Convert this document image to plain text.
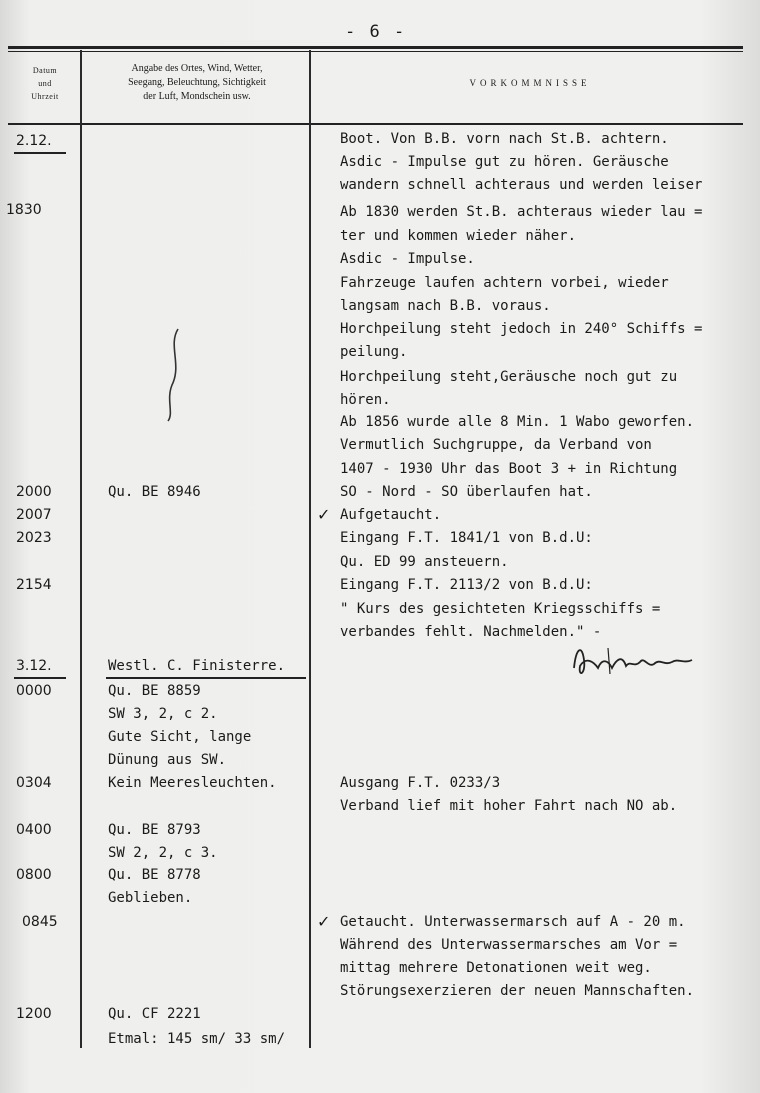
- 6 -
Datum
und
Uhrzeit
Angabe des Ortes, Wind, Wetter,
Seegang, Beleuchtung, Sichtigkeit
der Luft, Mondschein usw.
VORKOMMNISSE
2.12.
1830
2000
2007
2023
2154
3.12.
0000
0304
0400
0800
0845
1200
Qu. BE 8946
Westl. C. Finisterre.
Qu. BE 8859
SW 3, 2, c 2.
Gute Sicht, lange
Dünung aus SW.
Kein Meeresleuchten.
Qu. BE 8793
SW 2, 2, c 3.
Qu. BE 8778
Geblieben.
Qu. CF 2221
Etmal: 145 sm/ 33 sm/
Boot. Von B.B. vorn nach St.B. achtern.
Asdic - Impulse gut zu hören. Geräusche
wandern schnell achteraus und werden leiser
Ab 1830 werden St.B. achteraus wieder lau =
ter und kommen wieder näher.
Asdic - Impulse.
Fahrzeuge laufen achtern vorbei, wieder
langsam nach B.B. voraus.
Horchpeilung steht jedoch in 240° Schiffs =
peilung.
Horchpeilung steht,Geräusche noch gut zu
hören.
Ab 1856 wurde alle 8 Min. 1 Wabo geworfen.
Vermutlich Suchgruppe, da Verband von
1407 - 1930 Uhr das Boot 3 + in Richtung
SO - Nord - SO überlaufen hat.
Aufgetaucht.
Eingang F.T. 1841/1 von B.d.U:
Qu. ED 99 ansteuern.
Eingang F.T. 2113/2 von B.d.U:
" Kurs des gesichteten Kriegsschiffs =
verbandes fehlt. Nachmelden." -
Ausgang F.T. 0233/3
Verband lief mit hoher Fahrt nach NO ab.
Getaucht. Unterwassermarsch auf A - 20 m.
Während des Unterwassermarsches am Vor =
mittag mehrere Detonationen weit weg.
Störungsexerzieren der neuen Mannschaften.
✓
✓
